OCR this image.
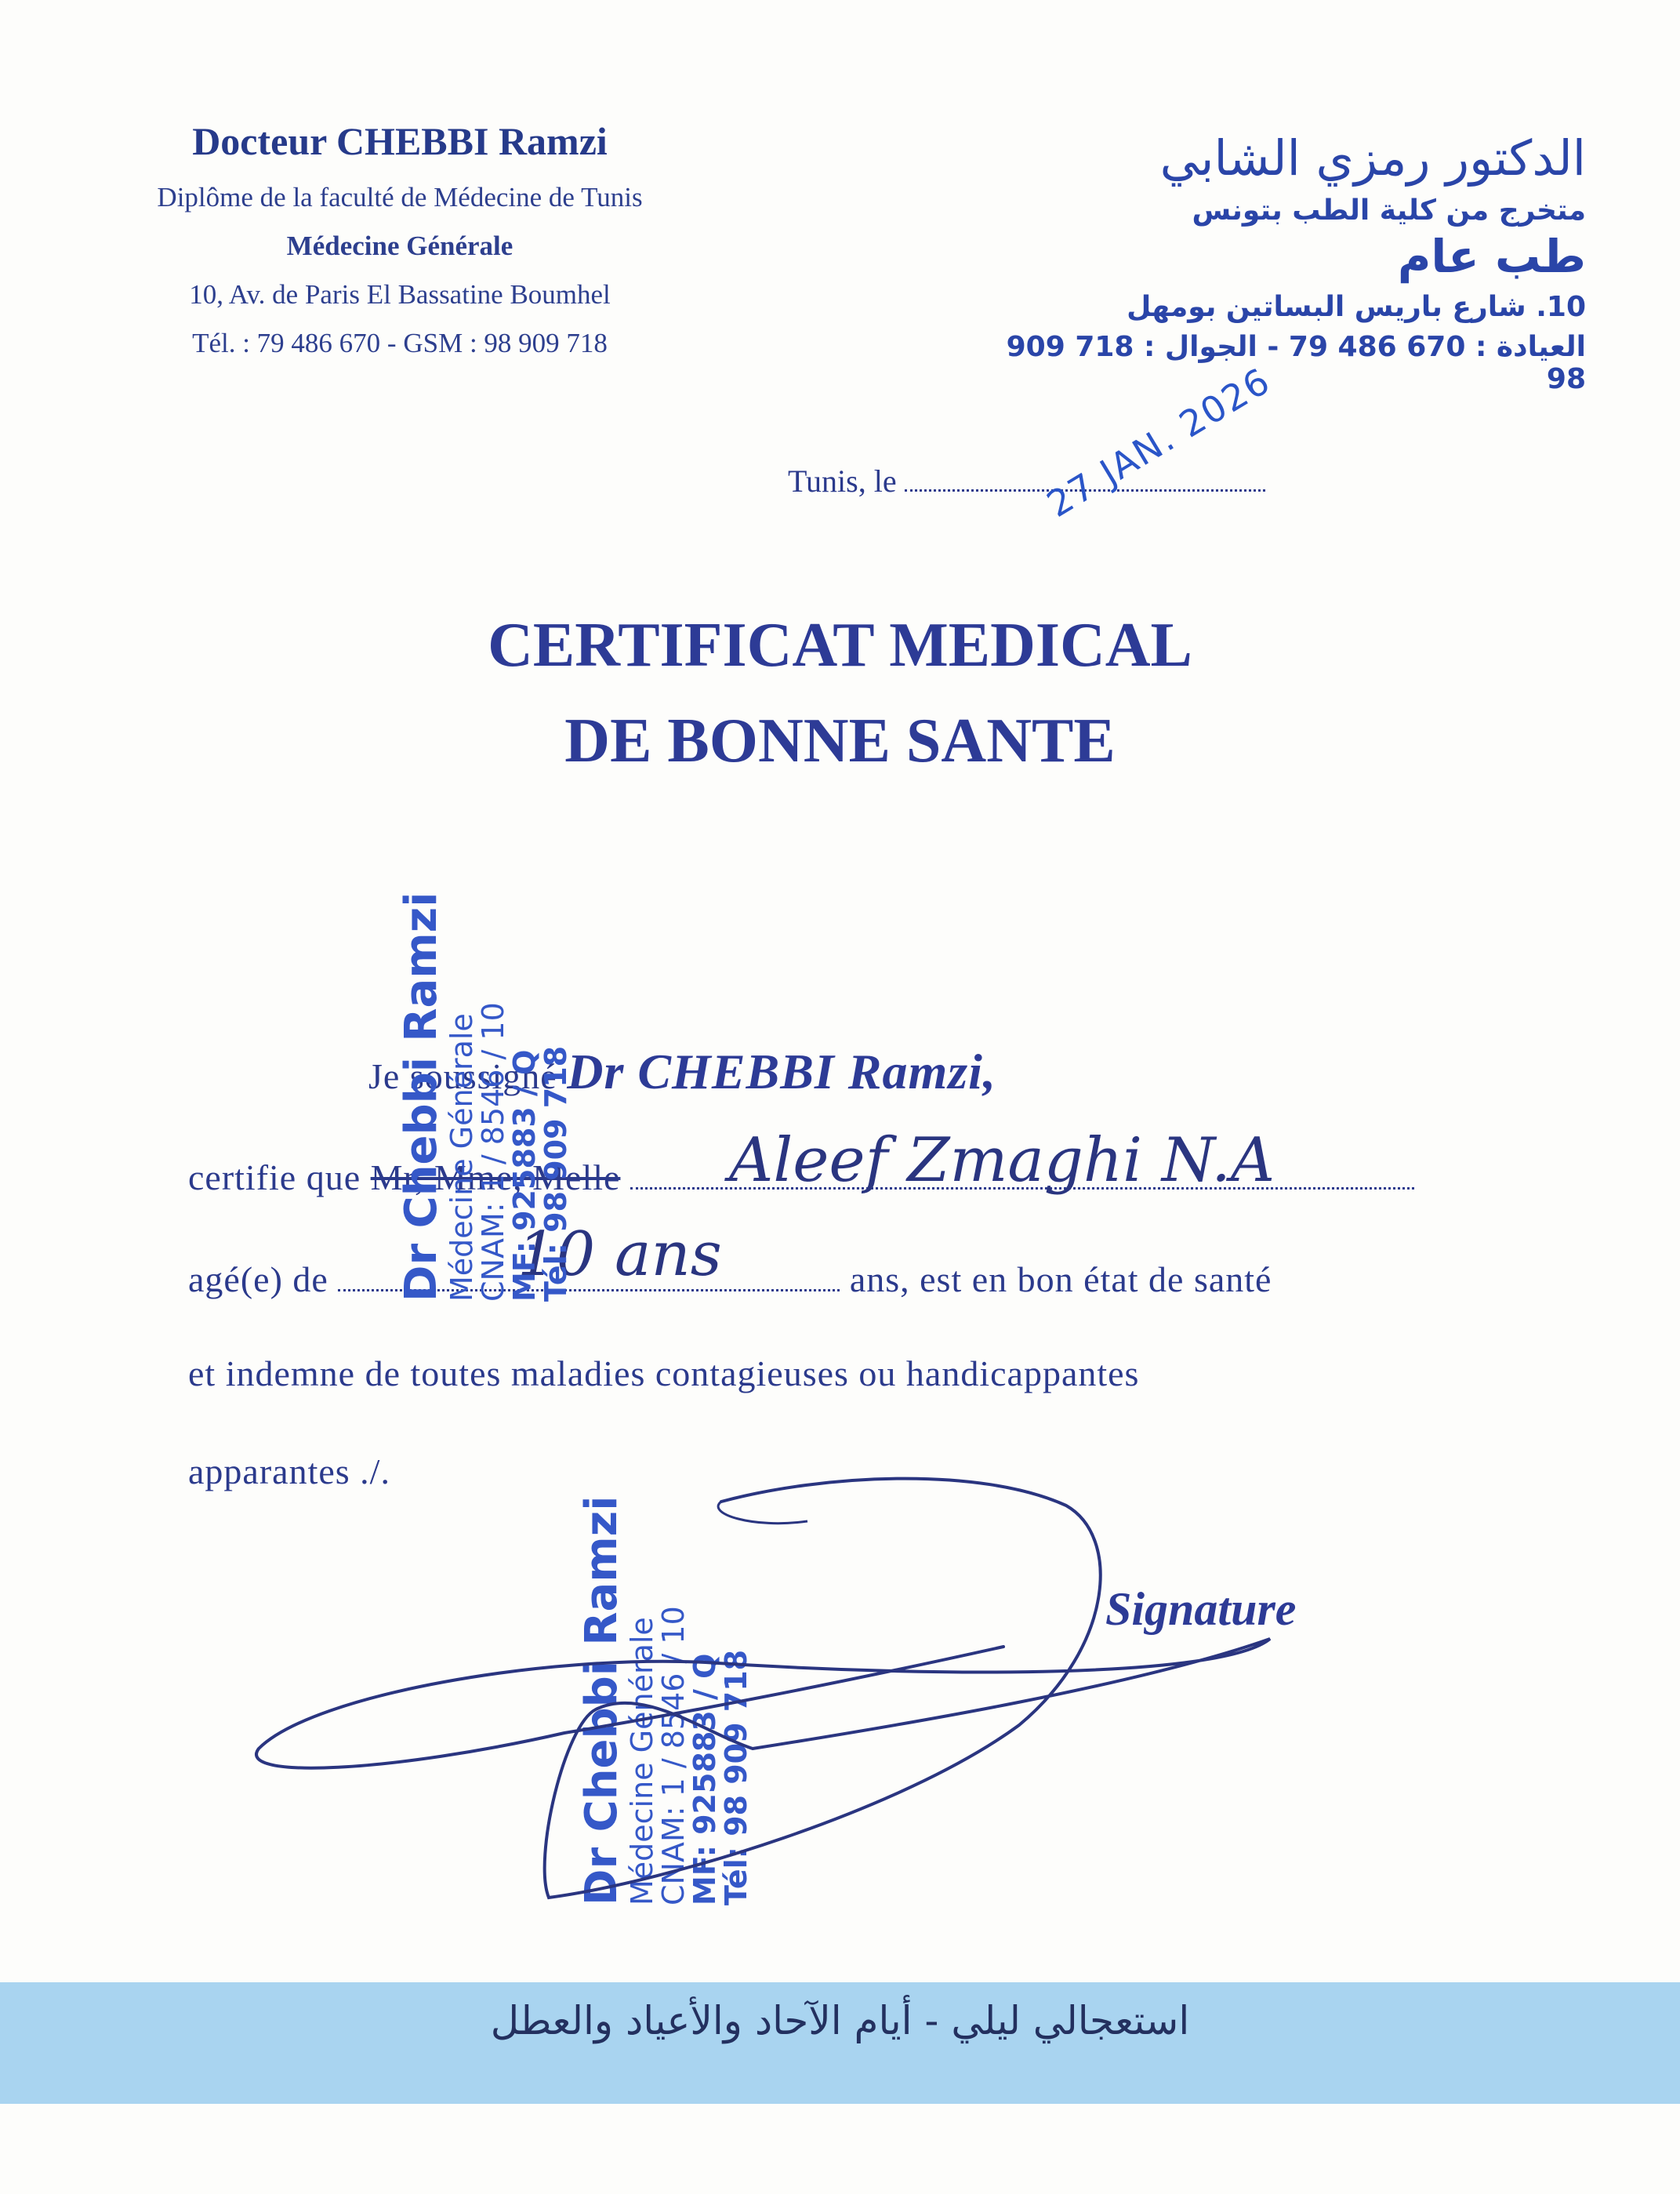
Docteur CHEBBI Ramzi
Diplôme de la faculté de Médecine de Tunis
Médecine Générale
10, Av. de Paris El Bassatine Boumhel
Tél. : 79 486 670 - GSM : 98 909 718
الدكتور رمزي الشابي
متخرج من كلية الطب بتونس
طب عام
10. شارع باريس البساتين بومهل
العيادة : 670 486 79 - الجوال : 718 909 98
Tunis, le	27 JAN. 2026
CERTIFICAT MEDICAL
DE BONNE SANTE
Je soussigné Dr CHEBBI Ramzi,
certifie que Mr, Mme, Melle	Aleef Zmaghi N.A
agé(e) de	ans, est en bon état de santé
10 ans
et indemne de toutes maladies contagieuses ou handicappantes
apparantes ./.
Dr Chebbi Ramzi
Médecine Générale
CNAM: 1 / 8546 / 10
MF: 925883 / Q
Tél: 98 909 718
Dr Chebbi Ramzi
Médecine Générale
CNAM: 1 / 8546 / 10
MF: 925883 / Q
Tél: 98 909 718
Signature
استعجالي ليلي - أيام الآحاد والأعياد والعطل
